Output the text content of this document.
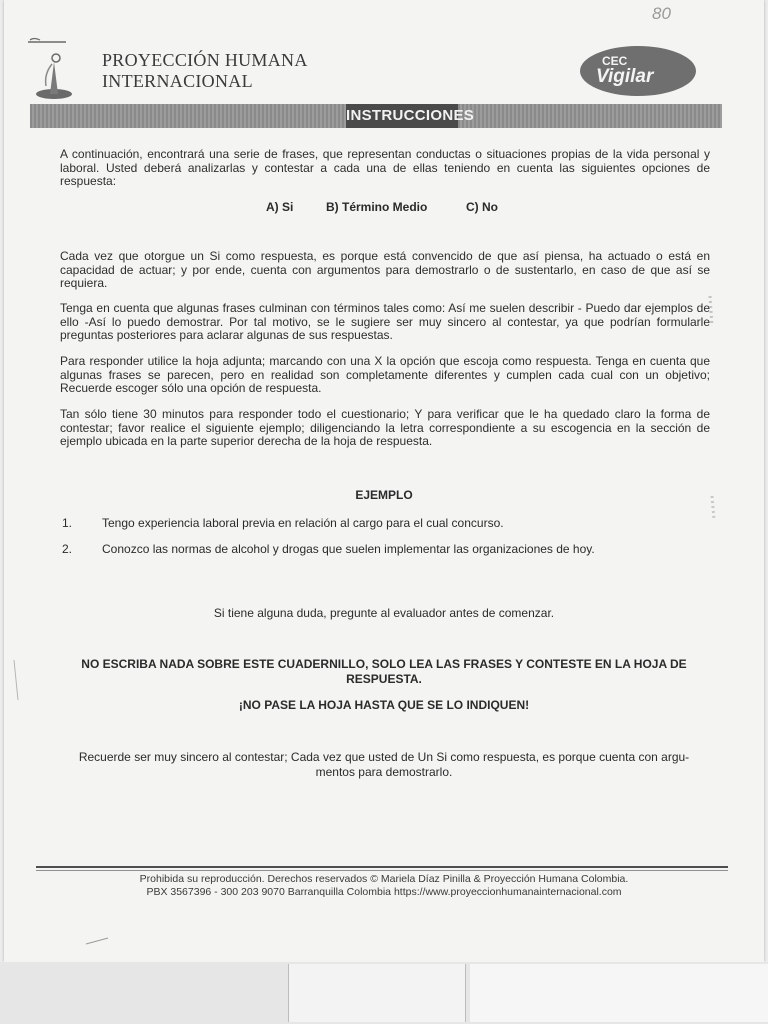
PROYECCIÓN HUMANA
INTERNACIONAL
80
CEC
Vigilar
INSTRUCCIONES

A continuación, encontrará una serie de frases, que representan conductas o situaciones propias de la vida personal y laboral. Usted deberá analizarlas y contestar a cada una de ellas teniendo en cuenta las siguientes opciones de respuesta:

A) Si	B) Término Medio	C) No

Cada vez que otorgue un Si como respuesta, es porque está convencido de que así piensa, ha actuado o está en capacidad de actuar; y por ende, cuenta con argumentos para demostrarlo o de sustentarlo, en caso de que así se requiera.

Tenga en cuenta que algunas frases culminan con términos tales como: Así me suelen describir - Puedo dar ejemplos de ello -Así lo puedo demostrar. Por tal motivo, se le sugiere ser muy sincero al contestar, ya que podrían formularle preguntas posteriores para aclarar algunas de sus respuestas.

Para responder utilice la hoja adjunta; marcando con una X la opción que escoja como respuesta. Tenga en cuenta que algunas frases se parecen, pero en realidad son completamente diferentes y cumplen cada cual con un objetivo; Recuerde escoger sólo una opción de respuesta.

Tan sólo tiene 30 minutos para responder todo el cuestionario; Y para verificar que le ha quedado claro la forma de contestar; favor realice el siguiente ejemplo; diligenciando la letra correspondiente a su escogencia en la sección de ejemplo ubicada en la parte superior derecha de la hoja de respuesta.

EJEMPLO
1. Tengo experiencia laboral previa en relación al cargo para el cual concurso.
2. Conozco las normas de alcohol y drogas que suelen implementar las organizaciones de hoy.
Si tiene alguna duda, pregunte al evaluador antes de comenzar.
NO ESCRIBA NADA SOBRE ESTE CUADERNILLO, SOLO LEA LAS FRASES Y CONTESTE EN LA HOJA DE
RESPUESTA.
¡NO PASE LA HOJA HASTA QUE SE LO INDIQUEN!
Recuerde ser muy sincero al contestar; Cada vez que usted de Un Si como respuesta, es porque cuenta con argu-
mentos para demostrarlo.
Prohibida su reproducción. Derechos reservados © Mariela Díaz Pinilla & Proyección Humana Colombia.
PBX 3567396 - 300 203 9070 Barranquilla Colombia https://www.proyeccionhumanainternacional.com
